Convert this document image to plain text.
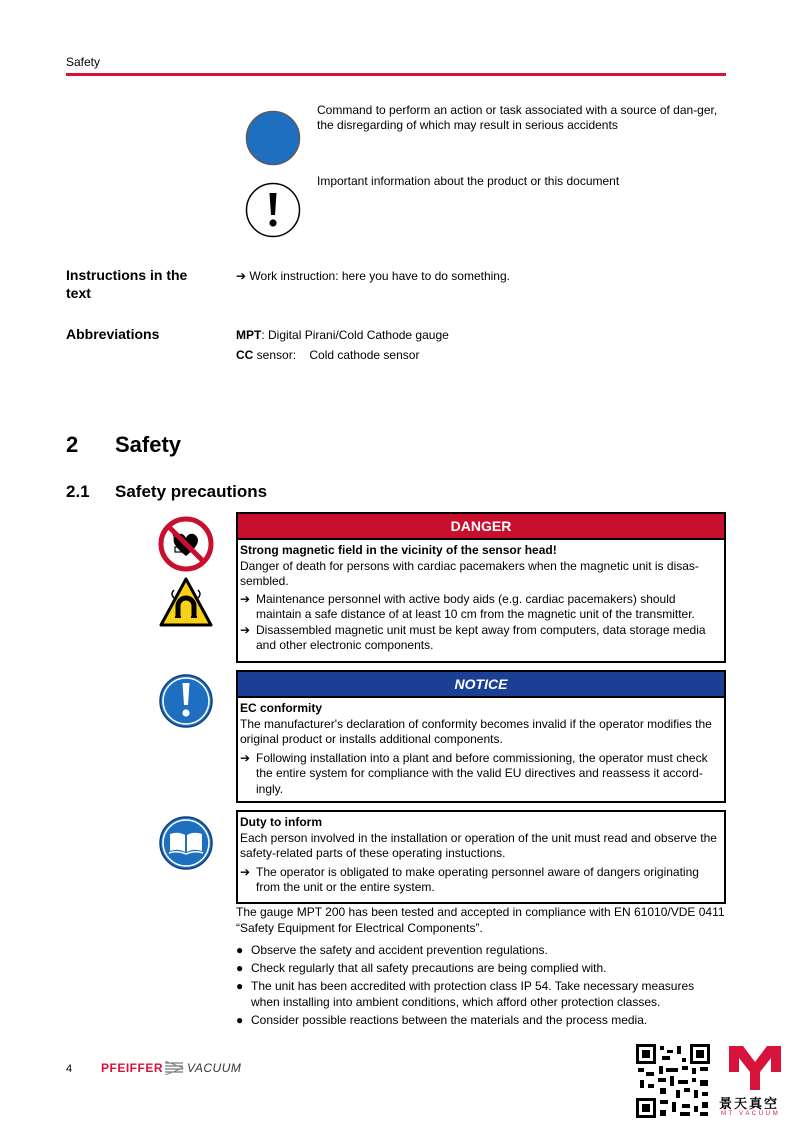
Safety
Command to perform an action or task associated with a source of dan-ger, the disregarding of which may result in serious accidents
Important information about the product or this document
Instructions in the text
➔ Work instruction: here you have to do something.
Abbreviations	MPT: Digital Pirani/Cold Cathode gauge
CC sensor:    Cold cathode sensor
2 Safety
2.1 Safety precautions
DANGER
Strong magnetic field in the vicinity of the sensor head!
Danger of death for persons with cardiac pacemakers when the magnetic unit is disas-sembled.
➔ Maintenance personnel with active body aids (e.g. cardiac pacemakers) should maintain a safe distance of at least 10 cm from the magnetic unit of the transmitter.
➔ Disassembled magnetic unit must be kept away from computers, data storage media and other electronic components.
NOTICE
EC conformity
The manufacturer's declaration of conformity becomes invalid if the operator modifies the original product or installs additional components.
➔ Following installation into a plant and before commissioning, the operator must check the entire system for compliance with the valid EU directives and reassess it accord-ingly.
Duty to inform
Each person involved in the installation or operation of the unit must read and observe the safety-related parts of these operating instuctions.
➔ The operator is obligated to make operating personnel aware of dangers originating from the unit or the entire system.
The gauge MPT 200 has been tested and accepted in compliance with EN 61010/VDE 0411 “Safety Equipment for Electrical Components”.
● Observe the safety and accident prevention regulations.
● Check regularly that all safety precautions are being complied with.
● The unit has been accredited with protection class IP 54. Take necessary measures when installing into ambient conditions, which afford other protection classes.
● Consider possible reactions between the materials and the process media.
4 PFEIFFER VACUUM
景天真空
M T   V A C U U M
